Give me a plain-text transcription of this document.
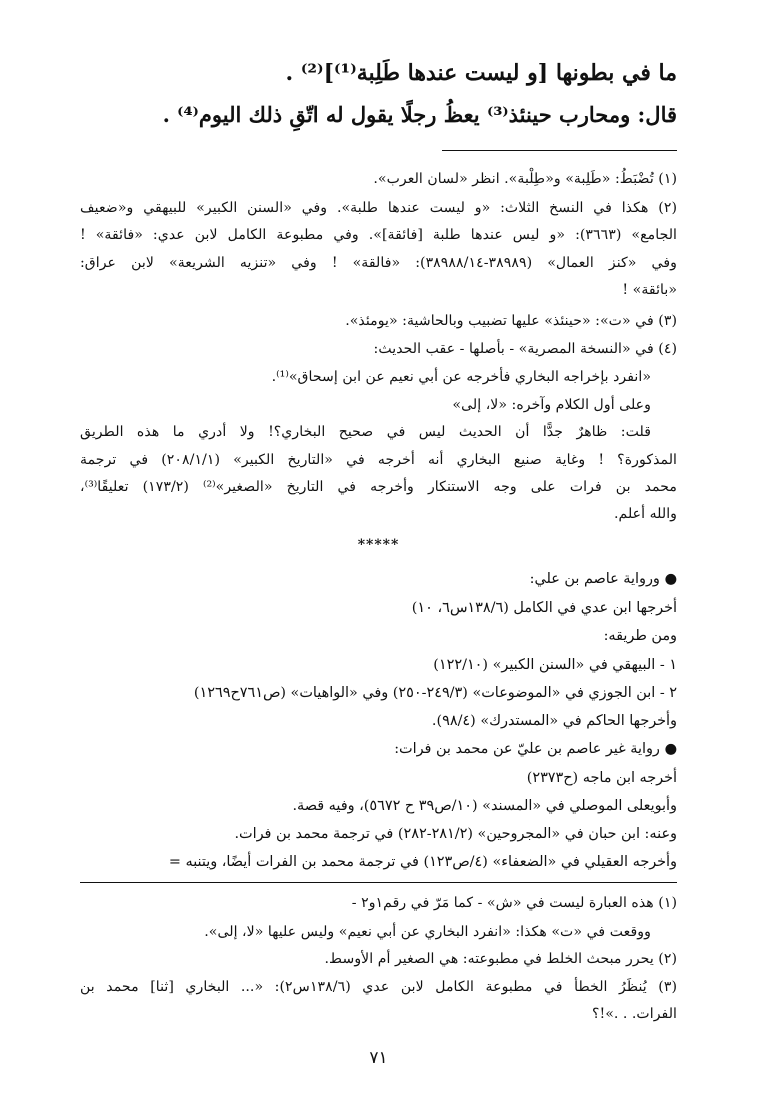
ما في بطونها [و ليست عندها طَلِبة⁽¹⁾]⁽²⁾ .
قال: ومحارب حينئذ⁽³⁾ يعظُ رجلًا يقول له اتّقِ ذلك اليوم⁽⁴⁾ .
(١) تُضْبَطُ: «طَلِبة» و«طِلْبة». انظر «لسان العرب».
(٢) هكذا في النسخ الثلاث: «و ليست عندها طلبة». وفي «السنن الكبير» للبيهقي و«ضعيف
الجامع» (٣٦٦٣): «و ليس عندها طلبة [فائقة]». وفي مطبوعة الكامل لابن عدي: «فائقة» !
وفي «كنز العمال» (٣٨٩٨٩-٣٨٩٨٨/١٤): «فالقة» ! وفي «تنزيه الشريعة» لابن عراق:
«بائقة» !
(٣) في «ت»: «حينئذ» عليها تضبيب وبالحاشية: «يومئذ».
(٤) في «النسخة المصرية» - بأصلها - عقب الحديث:
«انفرد بإخراجه البخاري فأخرجه عن أبي نعيم عن ابن إسحاق»⁽¹⁾.
وعلى أول الكلام وآخره: «لا، إلى»
قلت: ظاهرٌ جدًّا أن الحديث ليس في صحيح البخاري؟! ولا أدري ما هذه الطريق
المذكورة؟ ! وغاية صنيع البخاري أنه أخرجه في «التاريخ الكبير» (٢٠٨/١/١) في ترجمة
محمد بن فرات على وجه الاستنكار وأخرجه في التاريخ «الصغير»⁽²⁾ (١٧٣/٢) تعليقًا⁽³⁾،
والله أعلم.
*****
● ورواية عاصم بن علي:
أخرجها ابن عدي في الكامل (١٣٨/٦س٦، ١٠)
ومن طريقه:
١ - البيهقي في «السنن الكبير» (١٢٢/١٠)
٢ - ابن الجوزي في «الموضوعات» (٢٤٩/٣-٢٥٠) وفي «الواهيات» (ص٧٦١ح١٢٦٩)
وأخرجها الحاكم في «المستدرك» (٩٨/٤).
● رواية غير عاصم بن عليّ عن محمد بن فرات:
أخرجه ابن ماجه (ح٢٣٧٣)
وأبويعلى الموصلي في «المسند» (١٠/ص٣٩ ح ٥٦٧٢)، وفيه قصة.
وعنه: ابن حبان في «المجروحين» (٢٨١/٢-٢٨٢) في ترجمة محمد بن فرات.
وأخرجه العقيلي في «الضعفاء» (٤/ص١٢٣) في ترجمة محمد بن الفرات أيضًا، ويتنبه =
(١) هذه العبارة ليست في «ش» - كما مَرّ في رقم١و٢ -
ووقعت في «ت» هكذا: «انفرد البخاري عن أبي نعيم» وليس عليها «لا، إلى».
(٢) يحرر مبحث الخلط في مطبوعته: هي الصغير أم الأوسط.
(٣) يُنظَرُ الخطأ في مطبوعة الكامل لابن عدي (١٣٨/٦س٢): «... البخاري [ثنا] محمد بن
الفرات. . .»!؟
٧١
